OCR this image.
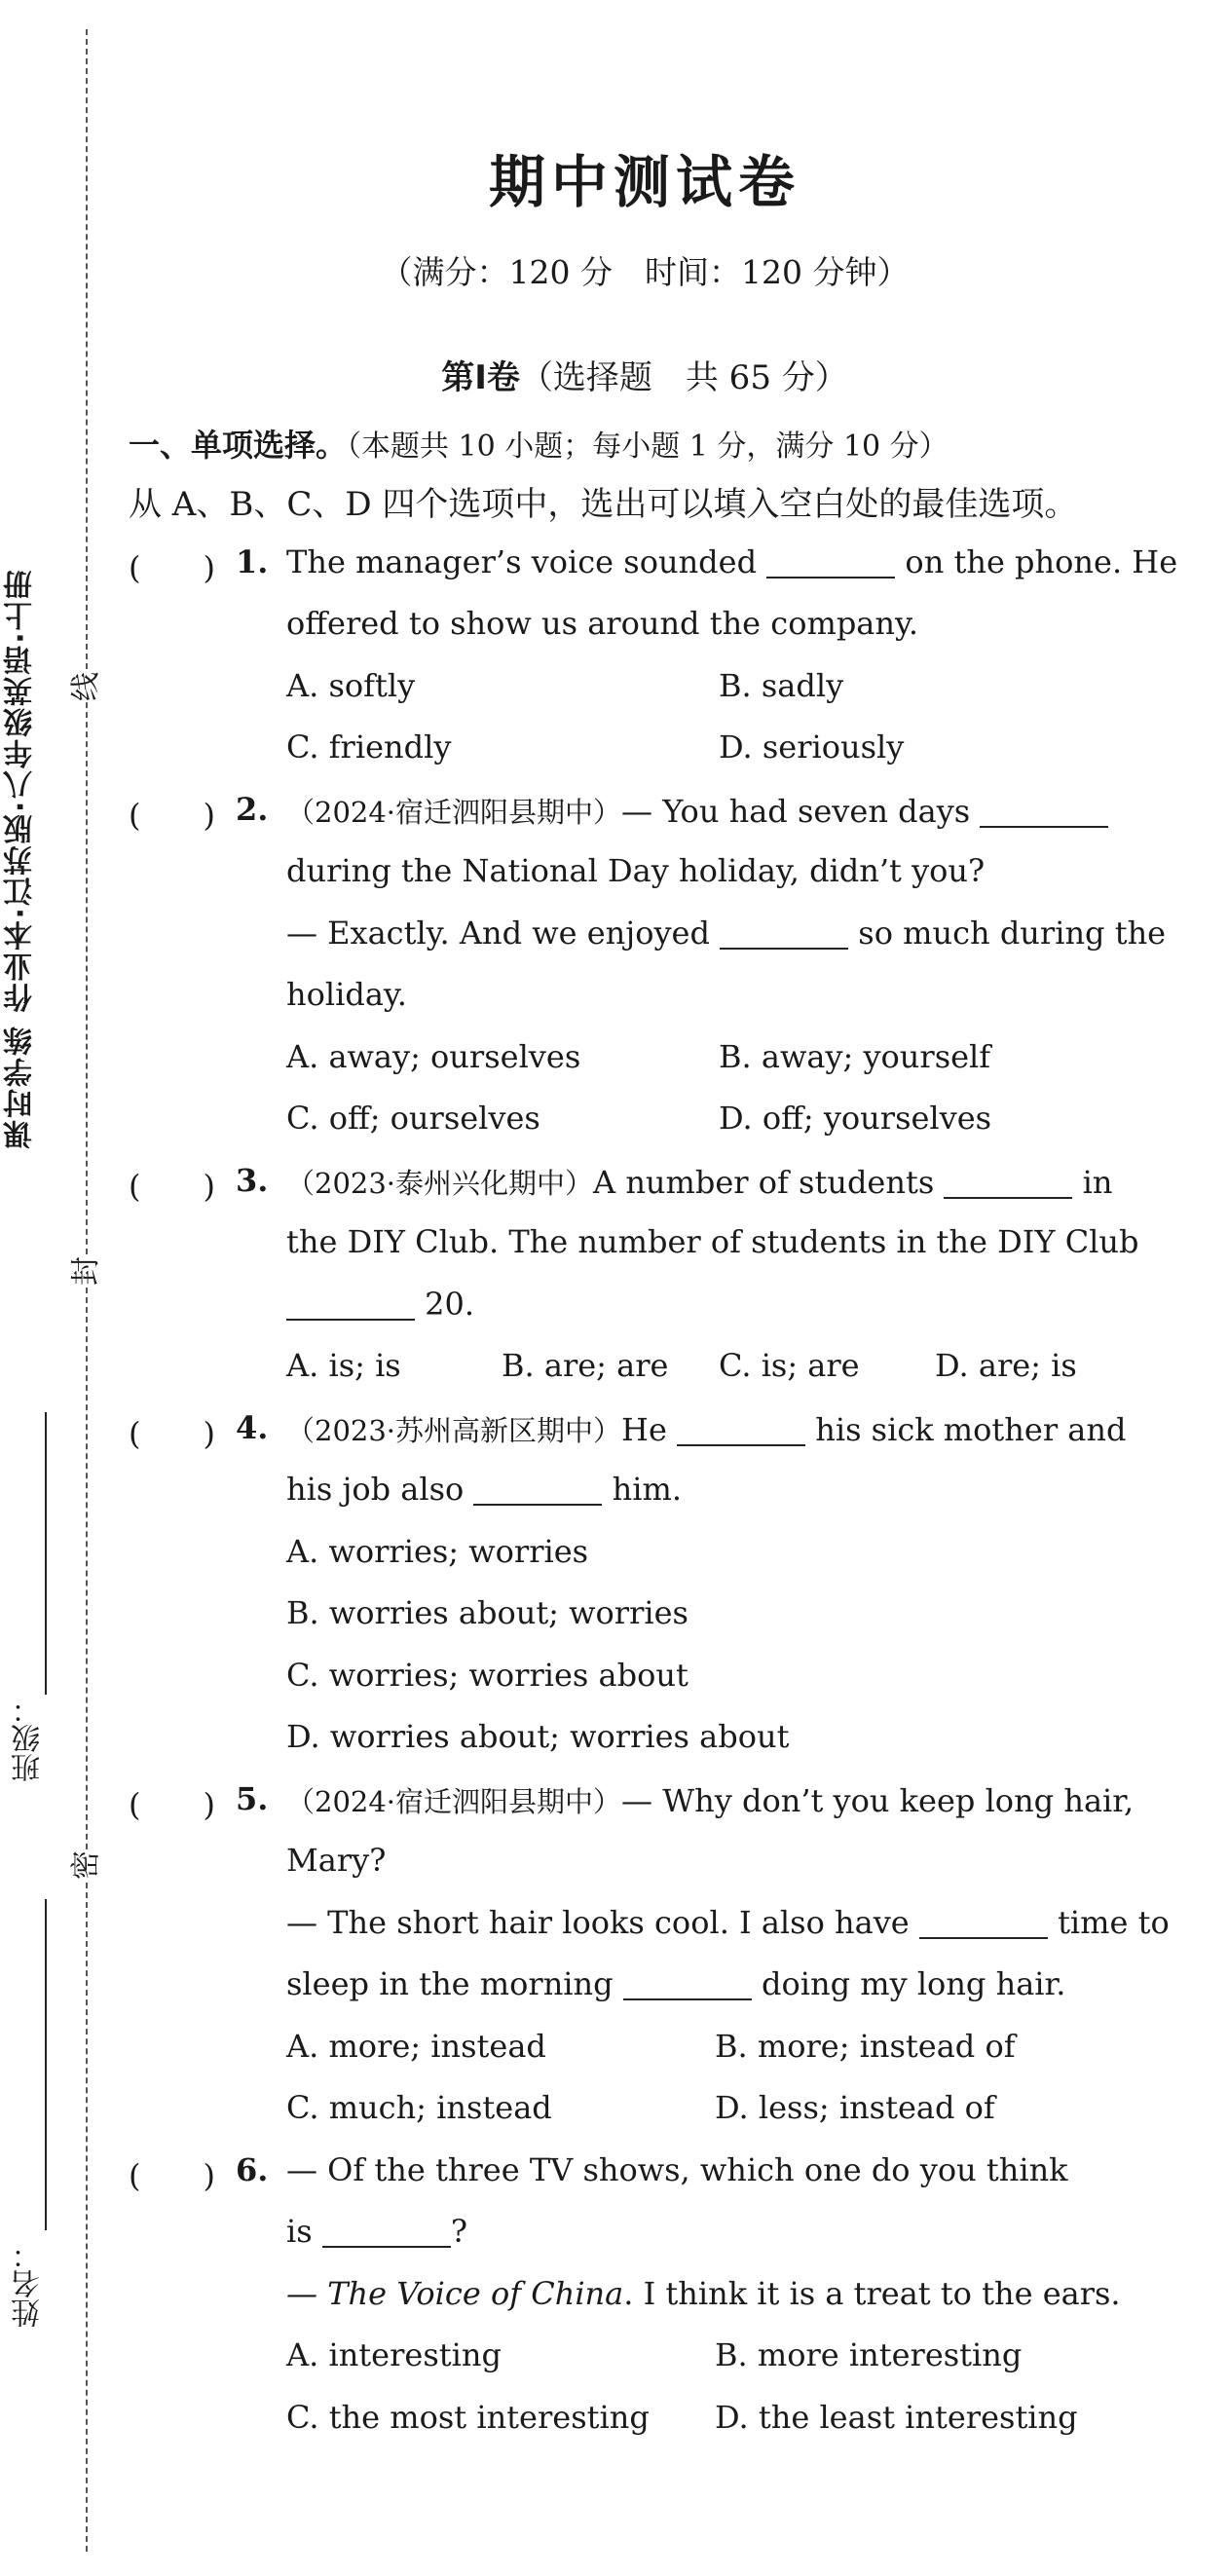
课时学练 作业本·江苏版·八年级英语·上册 线
封
密
班级：
姓名：
期中测试卷
（满分：120 分　时间：120 分钟）
第Ⅰ卷（选择题　共 65 分）
一、单项选择。（本题共 10 小题；每小题 1 分，满分 10 分）
从 A、B、C、D 四个选项中，选出可以填入空白处的最佳选项。
(　　) 1. The manager’s voice sounded	on the phone. He
offered to show us around the company.
A. softly	B. sadly
C. friendly	D. seriously
(　　) 2. （2024·宿迁泗阳县期中）— You had seven days
during the National Day holiday, didn’t you?
— Exactly. And we enjoyed	so much during the
holiday.
A. away; ourselves	B. away; yourself
C. off; ourselves	D. off; yourselves
(　　) 3. （2023·泰州兴化期中）A number of students	in
the DIY Club. The number of students in the DIY Club
20.
A. is; is	B. are; are C. is; are D. are; is
(　　) 4. （2023·苏州高新区期中）He	his sick mother and
his job also	him.
A. worries; worries
B. worries about; worries
C. worries; worries about
D. worries about; worries about
(　　) 5. （2024·宿迁泗阳县期中）— Why don’t you keep long hair,
Mary?
— The short hair looks cool. I also have	time to
sleep in the morning	doing my long hair.
A. more; instead	B. more; instead of
C. much; instead	D. less; instead of
(　　) 6. — Of the three TV shows, which one do you think
is	?
— The Voice of China. I think it is a treat to the ears.
A. interesting	B. more interesting
C. the most interesting D. the least interesting
